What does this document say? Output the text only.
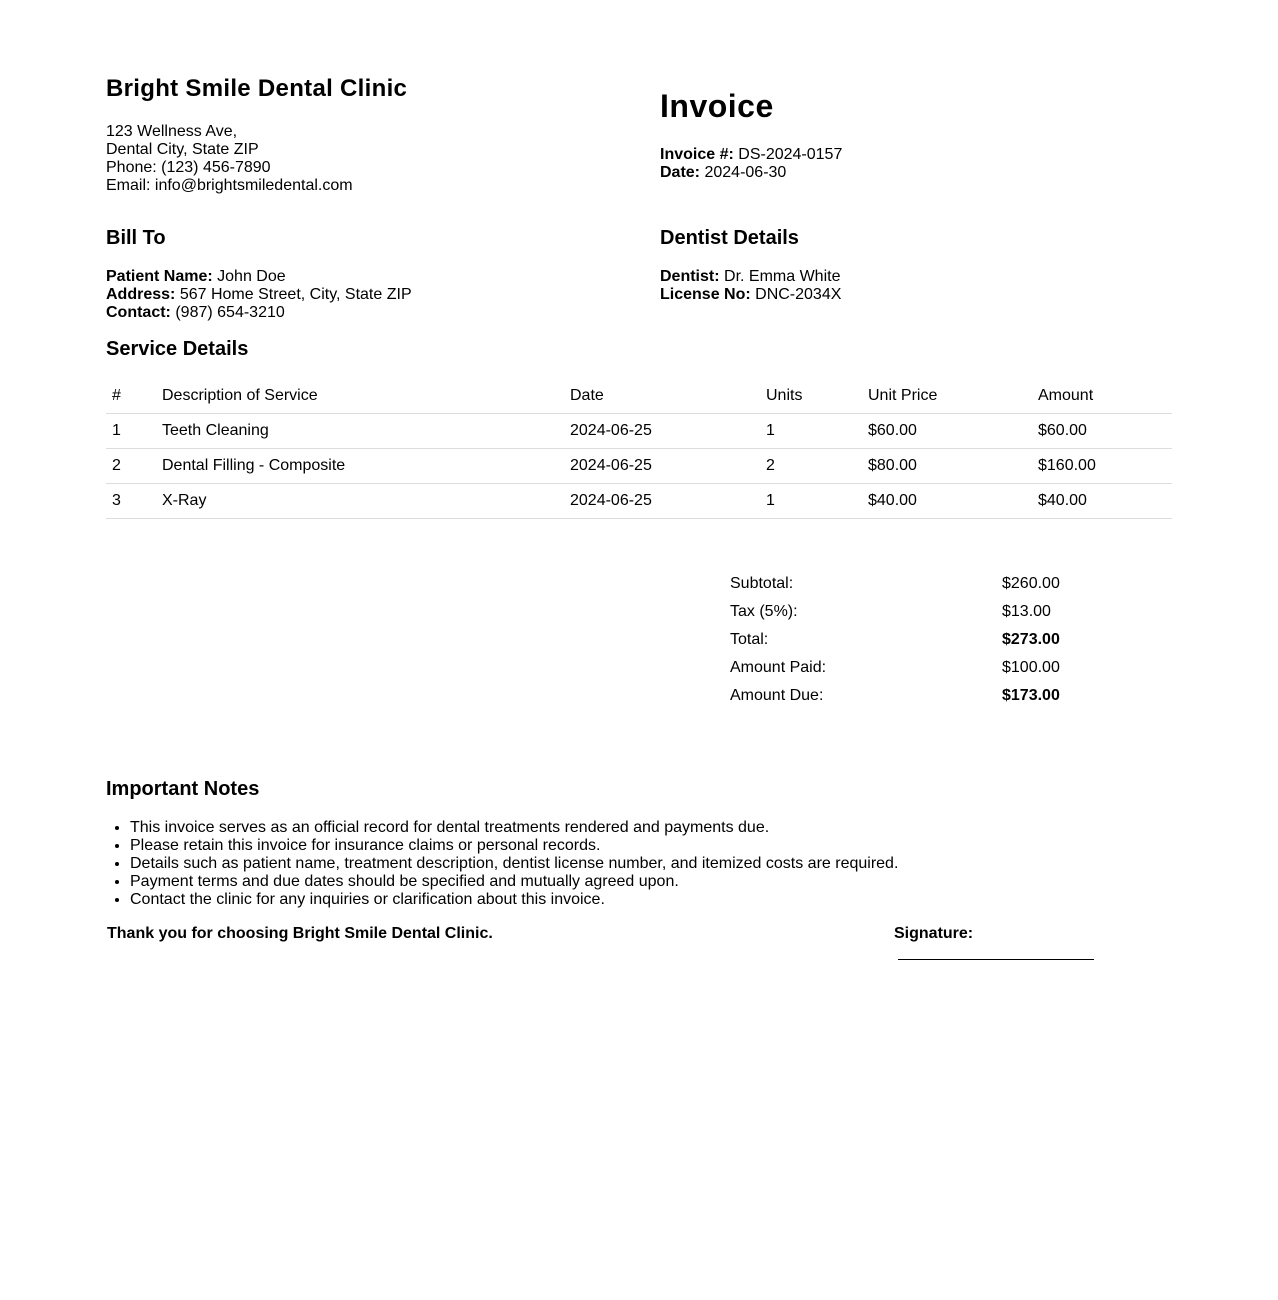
Bright Smile Dental Clinic
123 Wellness Ave,
Dental City, State ZIP
Phone: (123) 456-7890
Email: info@brightsmiledental.com
Invoice
Invoice #: DS-2024-0157
Date: 2024-06-30
Bill To
Patient Name: John Doe
Address: 567 Home Street, City, State ZIP
Contact: (987) 654-3210
Dentist Details
Dentist: Dr. Emma White
License No: DNC-2034X
Service Details
#	Description of Service	Date	Units	Unit Price	Amount
1	Teeth Cleaning	2024-06-25	1	$60.00	$60.00
2	Dental Filling - Composite	2024-06-25	2	$80.00	$160.00
3	X-Ray	2024-06-25	1	$40.00	$40.00
Subtotal:	$260.00
Tax (5%):	$13.00
Total:	$273.00
Amount Paid:	$100.00
Amount Due:	$173.00
Important Notes
• This invoice serves as an official record for dental treatments rendered and payments due.
• Please retain this invoice for insurance claims or personal records.
• Details such as patient name, treatment description, dentist license number, and itemized costs are required.
• Payment terms and due dates should be specified and mutually agreed upon.
• Contact the clinic for any inquiries or clarification about this invoice.
Thank you for choosing Bright Smile Dental Clinic.	Signature:
